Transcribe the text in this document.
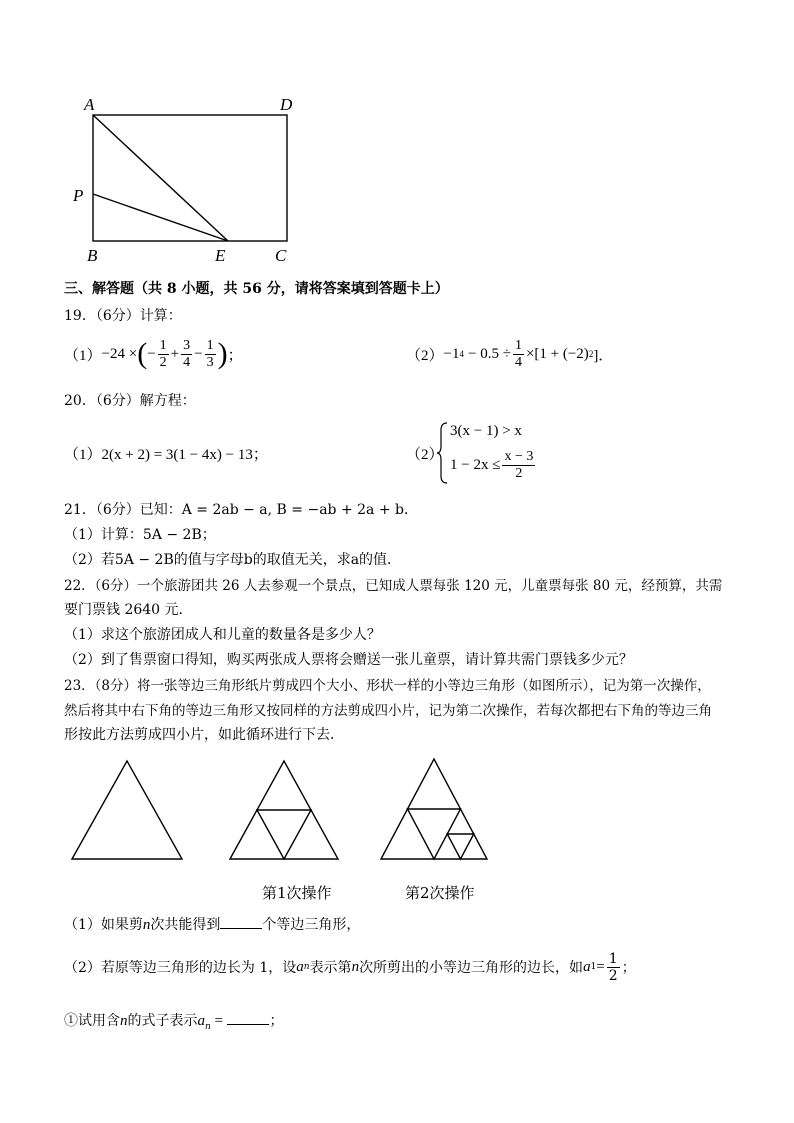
A	D
P
B	E	C
三、解答题（共 8 小题，共 56 分，请将答案填到答题卡上）
19．（6分）计算：
（1） −24 × ( − $\frac{1}{2} + \frac{3}{4} - \frac{1}{3}$ ) ；	（2） −1 $4 - 0.5 \div \frac{1}{4} \times[1 + (-2)$ 2 ]．
20．（6分）解方程：
（1）2(x + 2) = 3(1 − 4x) − 13；	（2）
3(x − 1) > x
$1 - 2x \le \frac{x - 3}{2}$
21．（6分）已知：A = 2ab − a, B = −ab + 2a + b．
（1）计算：5A − 2B；
（2）若5A − 2B的值与字母b的取值无关，求a的值．
22．（6分）一个旅游团共 26 人去参观一个景点，已知成人票每张 120 元，儿童票每张 80 元，经预算，共需
要门票钱 2640 元．
（1）求这个旅游团成人和儿童的数量各是多少人？
（2）到了售票窗口得知，购买两张成人票将会赠送一张儿童票，请计算共需门票钱多少元？
23．（8分）将一张等边三角形纸片剪成四个大小、形状一样的小等边三角形（如图所示），记为第一次操作，
然后将其中右下角的等边三角形又按同样的方法剪成四小片，记为第二次操作，若每次都把右下角的等边三角
形按此方法剪成四小片，如此循环进行下去．
第1次操作	第2次操作
（1）如果剪n次共能得到	个等边三角形，
（2）若原等边三角形的边长为 1，设 a n 表示第 n 次所剪出的小等边三角形的边长，如 a $1 = \frac{1}{2}$ ；
①试用含n的式子表示$a_n$ =	；
